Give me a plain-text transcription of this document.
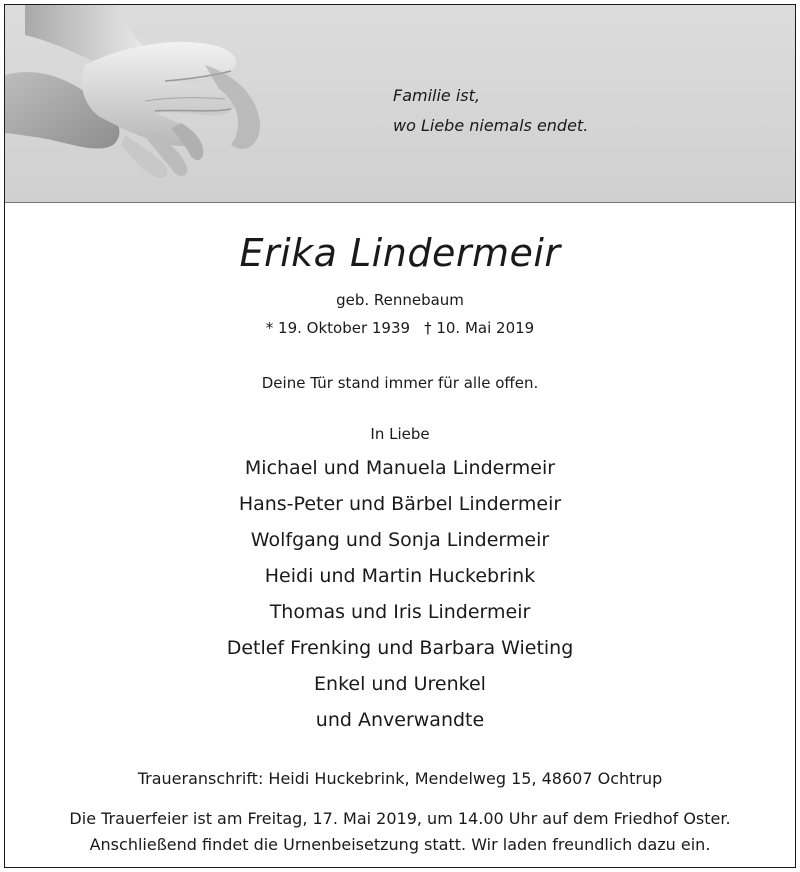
Familie ist,
wo Liebe niemals endet.
Erika Lindermeir
geb. Rennebaum
* 19. Oktober 1939 † 10. Mai 2019
Deine Tür stand immer für alle offen.
In Liebe
Michael und Manuela Lindermeir
Hans-Peter und Bärbel Lindermeir
Wolfgang und Sonja Lindermeir
Heidi und Martin Huckebrink
Thomas und Iris Lindermeir
Detlef Frenking und Barbara Wieting
Enkel und Urenkel
und Anverwandte
Traueranschrift: Heidi Huckebrink, Mendelweg 15, 48607 Ochtrup
Die Trauerfeier ist am Freitag, 17. Mai 2019, um 14.00 Uhr auf dem Friedhof Oster.
Anschließend findet die Urnenbeisetzung statt. Wir laden freundlich dazu ein.
